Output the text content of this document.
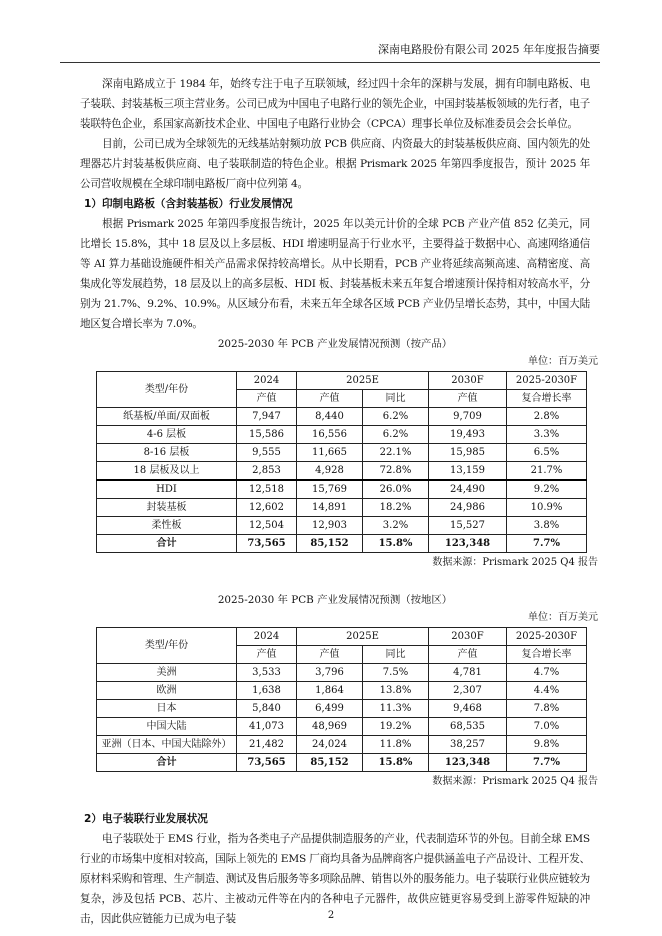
深南电路股份有限公司 2025 年年度报告摘要

深南电路成立于 1984 年，始终专注于电子互联领域，经过四十余年的深耕与发展，拥有印制电路板、电子装联、封装基板三项主营业务。公司已成为中国电子电路行业的领先企业，中国封装基板领域的先行者，电子装联特色企业，系国家高新技术企业、中国电子电路行业协会（CPCA）理事长单位及标准委员会会长单位。

目前，公司已成为全球领先的无线基站射频功放 PCB 供应商、内资最大的封装基板供应商、国内领先的处理器芯片封装基板供应商、电子装联制造的特色企业。根据 Prismark 2025 年第四季度报告，预计 2025 年公司营收规模在全球印制电路板厂商中位列第 4。

1）印制电路板（含封装基板）行业发展情况

根据 Prismark 2025 年第四季度报告统计，2025 年以美元计价的全球 PCB 产业产值 852 亿美元，同比增长 15.8%，其中 18 层及以上多层板、HDI 增速明显高于行业水平，主要得益于数据中心、高速网络通信等 AI 算力基础设施硬件相关产品需求保持较高增长。从中长期看，PCB 产业将延续高频高速、高精密度、高集成化等发展趋势，18 层及以上的高多层板、HDI 板、封装基板未来五年复合增速预计保持相对较高水平，分别为 21.7%、9.2%、10.9%。从区域分布看，未来五年全球各区域 PCB 产业仍呈增长态势，其中，中国大陆地区复合增长率为 7.0%。

2025-2030 年 PCB 产业发展情况预测（按产品）
单位：百万美元
类型/年份	2024	2025E		2030F	2025-2030F
	产值	产值	同比	产值	复合增长率
纸基板/单面/双面板	7,947	8,440	6.2%	9,709	2.8%
4-6 层板	15,586	16,556	6.2%	19,493	3.3%
8-16 层板	9,555	11,665	22.1%	15,985	6.5%
18 层板及以上	2,853	4,928	72.8%	13,159	21.7%
HDI	12,518	15,769	26.0%	24,490	9.2%
封装基板	12,602	14,891	18.2%	24,986	10.9%
柔性板	12,504	12,903	3.2%	15,527	3.8%
合计	73,565	85,152	15.8%	123,348	7.7%
数据来源：Prismark 2025 Q4 报告
2025-2030 年 PCB 产业发展情况预测（按地区）
单位：百万美元
类型/年份	2024	2025E		2030F	2025-2030F
	产值	产值	同比	产值	复合增长率
美洲	3,533	3,796	7.5%	4,781	4.7%
欧洲	1,638	1,864	13.8%	2,307	4.4%
日本	5,840	6,499	11.3%	9,468	7.8%
中国大陆	41,073	48,969	19.2%	68,535	7.0%
亚洲（日本、中国大陆除外）	21,482	24,024	11.8%	38,257	9.8%
合计	73,565	85,152	15.8%	123,348	7.7%
数据来源：Prismark 2025 Q4 报告
2）电子装联行业发展状况

电子装联处于 EMS 行业，指为各类电子产品提供制造服务的产业，代表制造环节的外包。目前全球 EMS 行业的市场集中度相对较高，国际上领先的 EMS 厂商均具备为品牌商客户提供涵盖电子产品设计、工程开发、原材料采购和管理、生产制造、测试及售后服务等多项除品牌、销售以外的服务能力。电子装联行业供应链较为复杂，涉及包括 PCB、芯片、主被动元件等在内的各种电子元器件，故供应链更容易受到上游零件短缺的冲击，因此供应链能力已成为电子装	2
